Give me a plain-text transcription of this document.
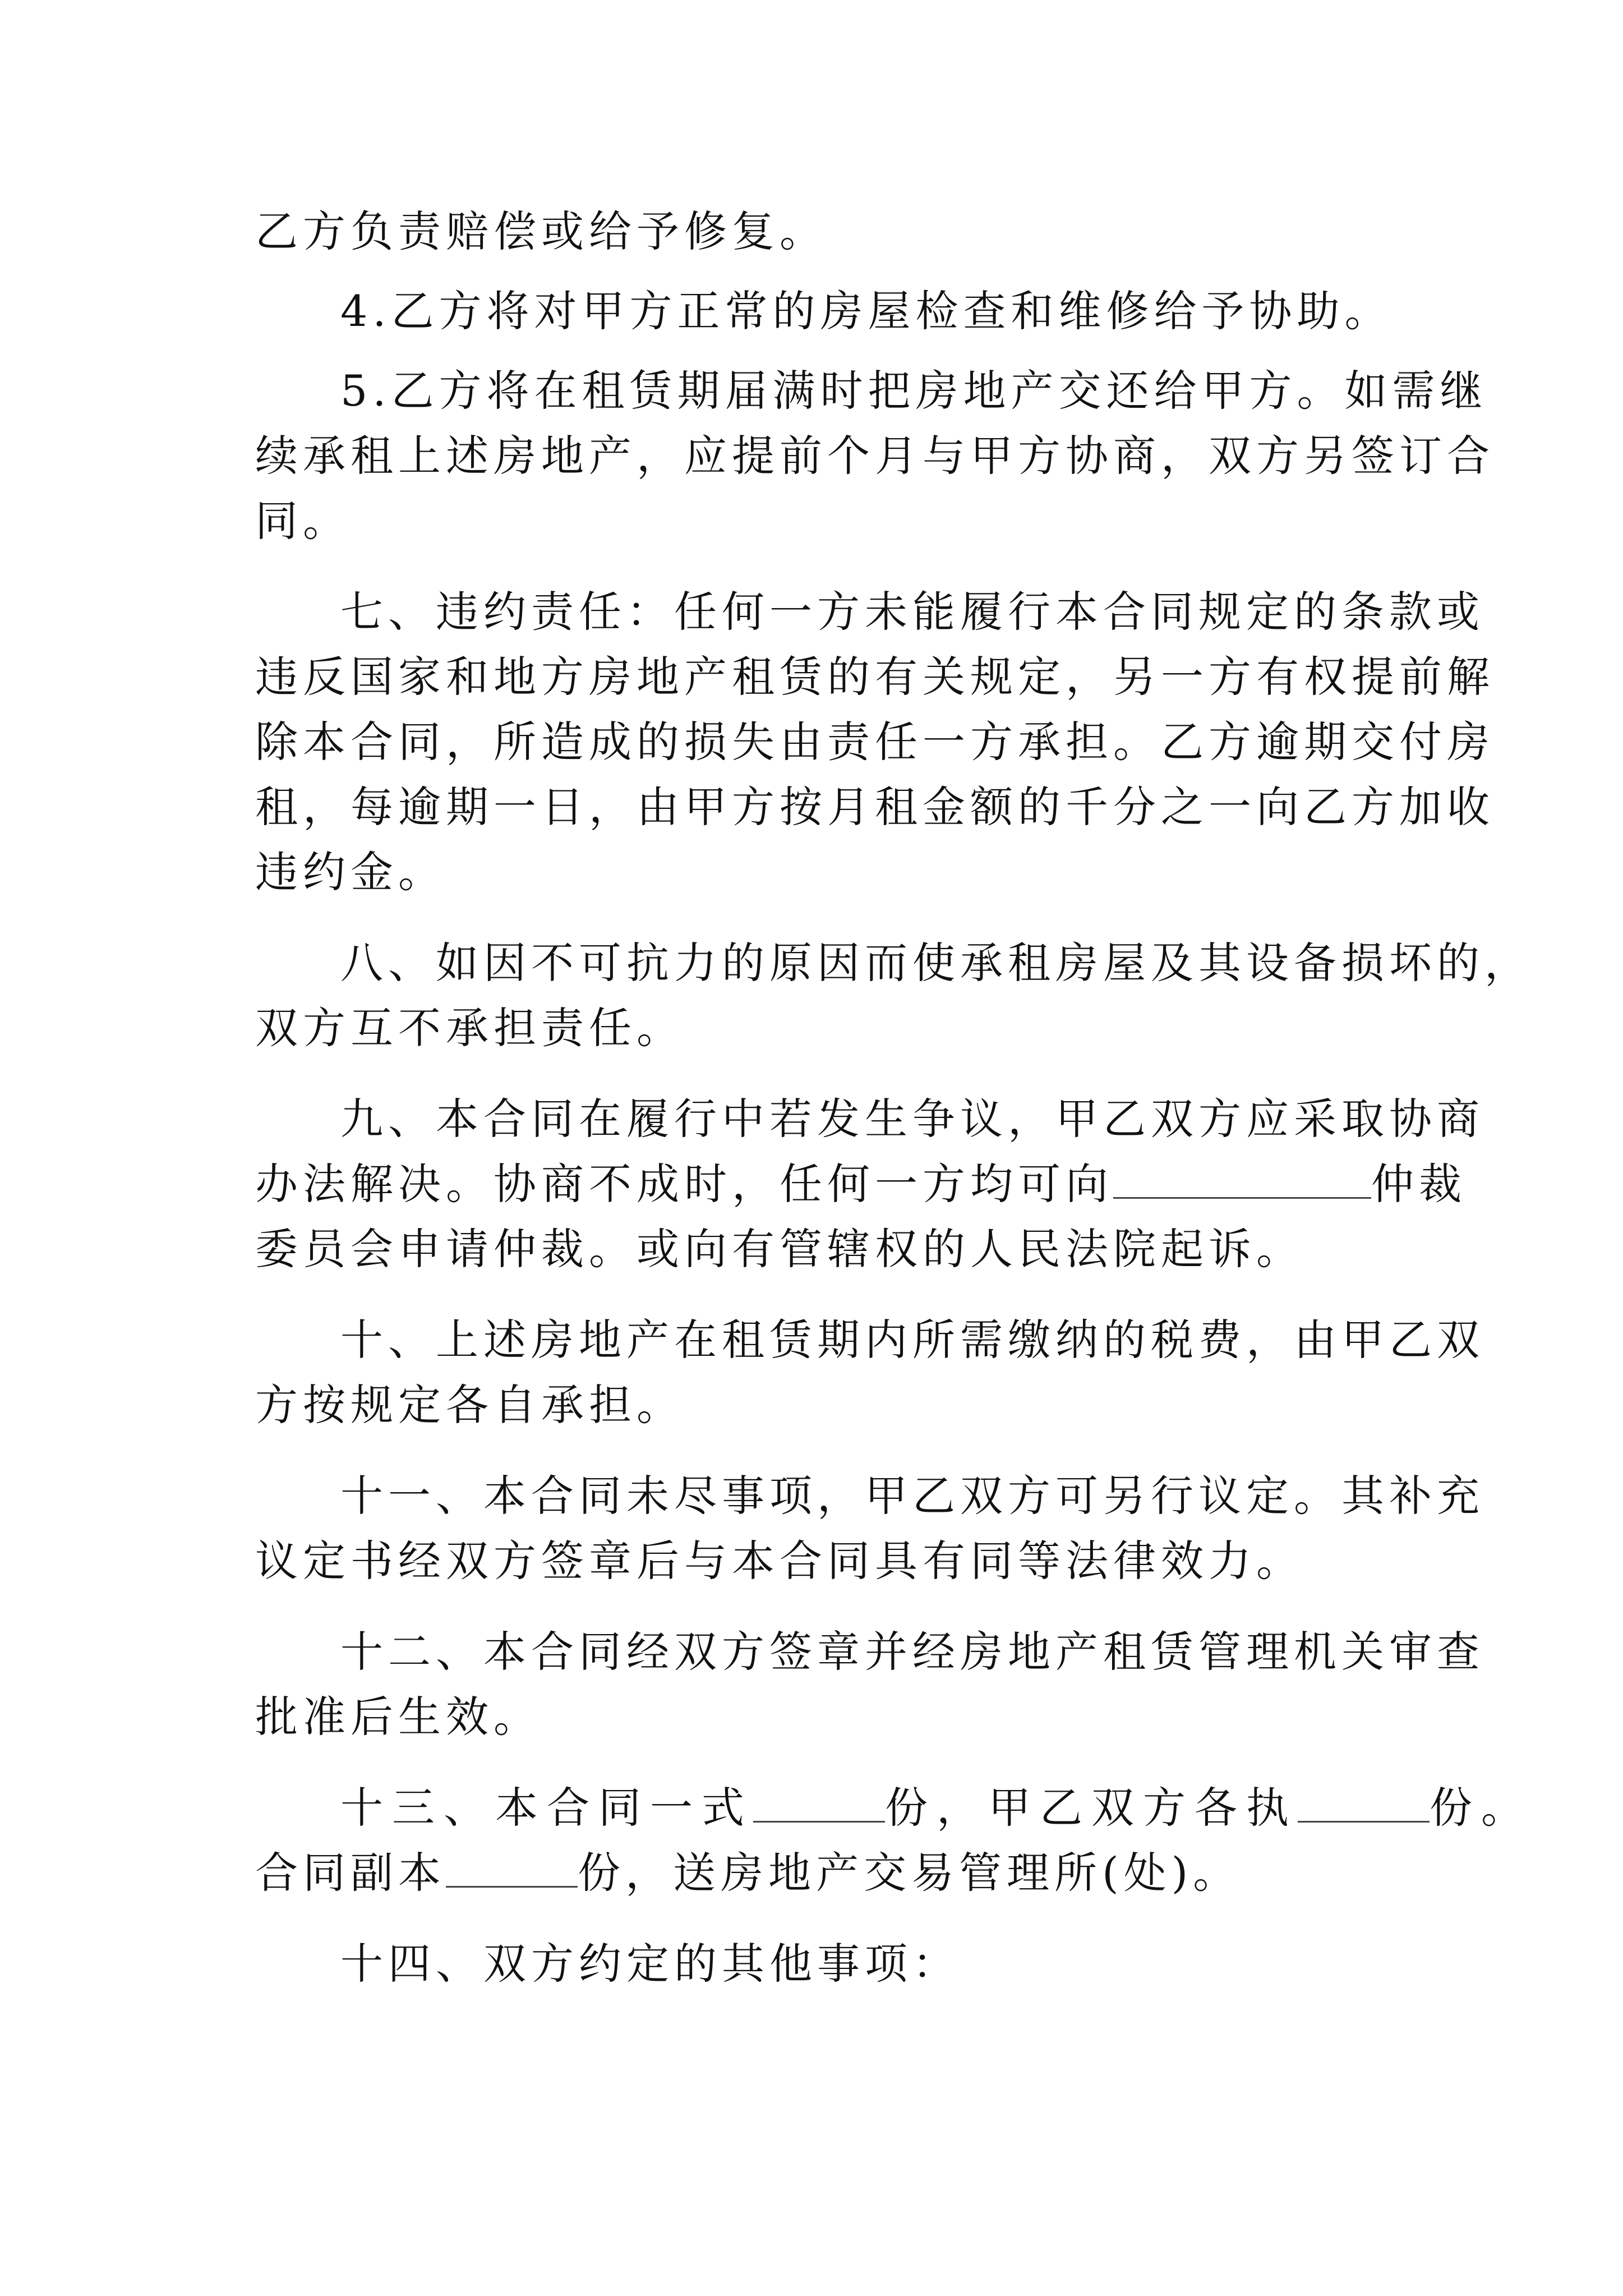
乙方负责赔偿或给予修复。
4.乙方将对甲方正常的房屋检查和维修给予协助。
5.乙方将在租赁期届满时把房地产交还给甲方。如需继
续承租上述房地产，应提前个月与甲方协商，双方另签订合
同。
七、违约责任：任何一方未能履行本合同规定的条款或
违反国家和地方房地产租赁的有关规定，另一方有权提前解
除本合同，所造成的损失由责任一方承担。乙方逾期交付房
租，每逾期一日，由甲方按月租金额的千分之一向乙方加收
违约金。
八、如因不可抗力的原因而使承租房屋及其设备损坏的，
双方互不承担责任。
九、本合同在履行中若发生争议，甲乙双方应采取协商
办法解决。协商不成时，任何一方均可向	仲裁
委员会申请仲裁。或向有管辖权的人民法院起诉。
十、上述房地产在租赁期内所需缴纳的税费，由甲乙双
方按规定各自承担。
十一、本合同未尽事项，甲乙双方可另行议定。其补充
议定书经双方签章后与本合同具有同等法律效力。
十二、本合同经双方签章并经房地产租赁管理机关审查
批准后生效。
十三、本合同一式	份，甲乙双方各执	份。
合同副本	份，送房地产交易管理所(处)。
十四、双方约定的其他事项：
